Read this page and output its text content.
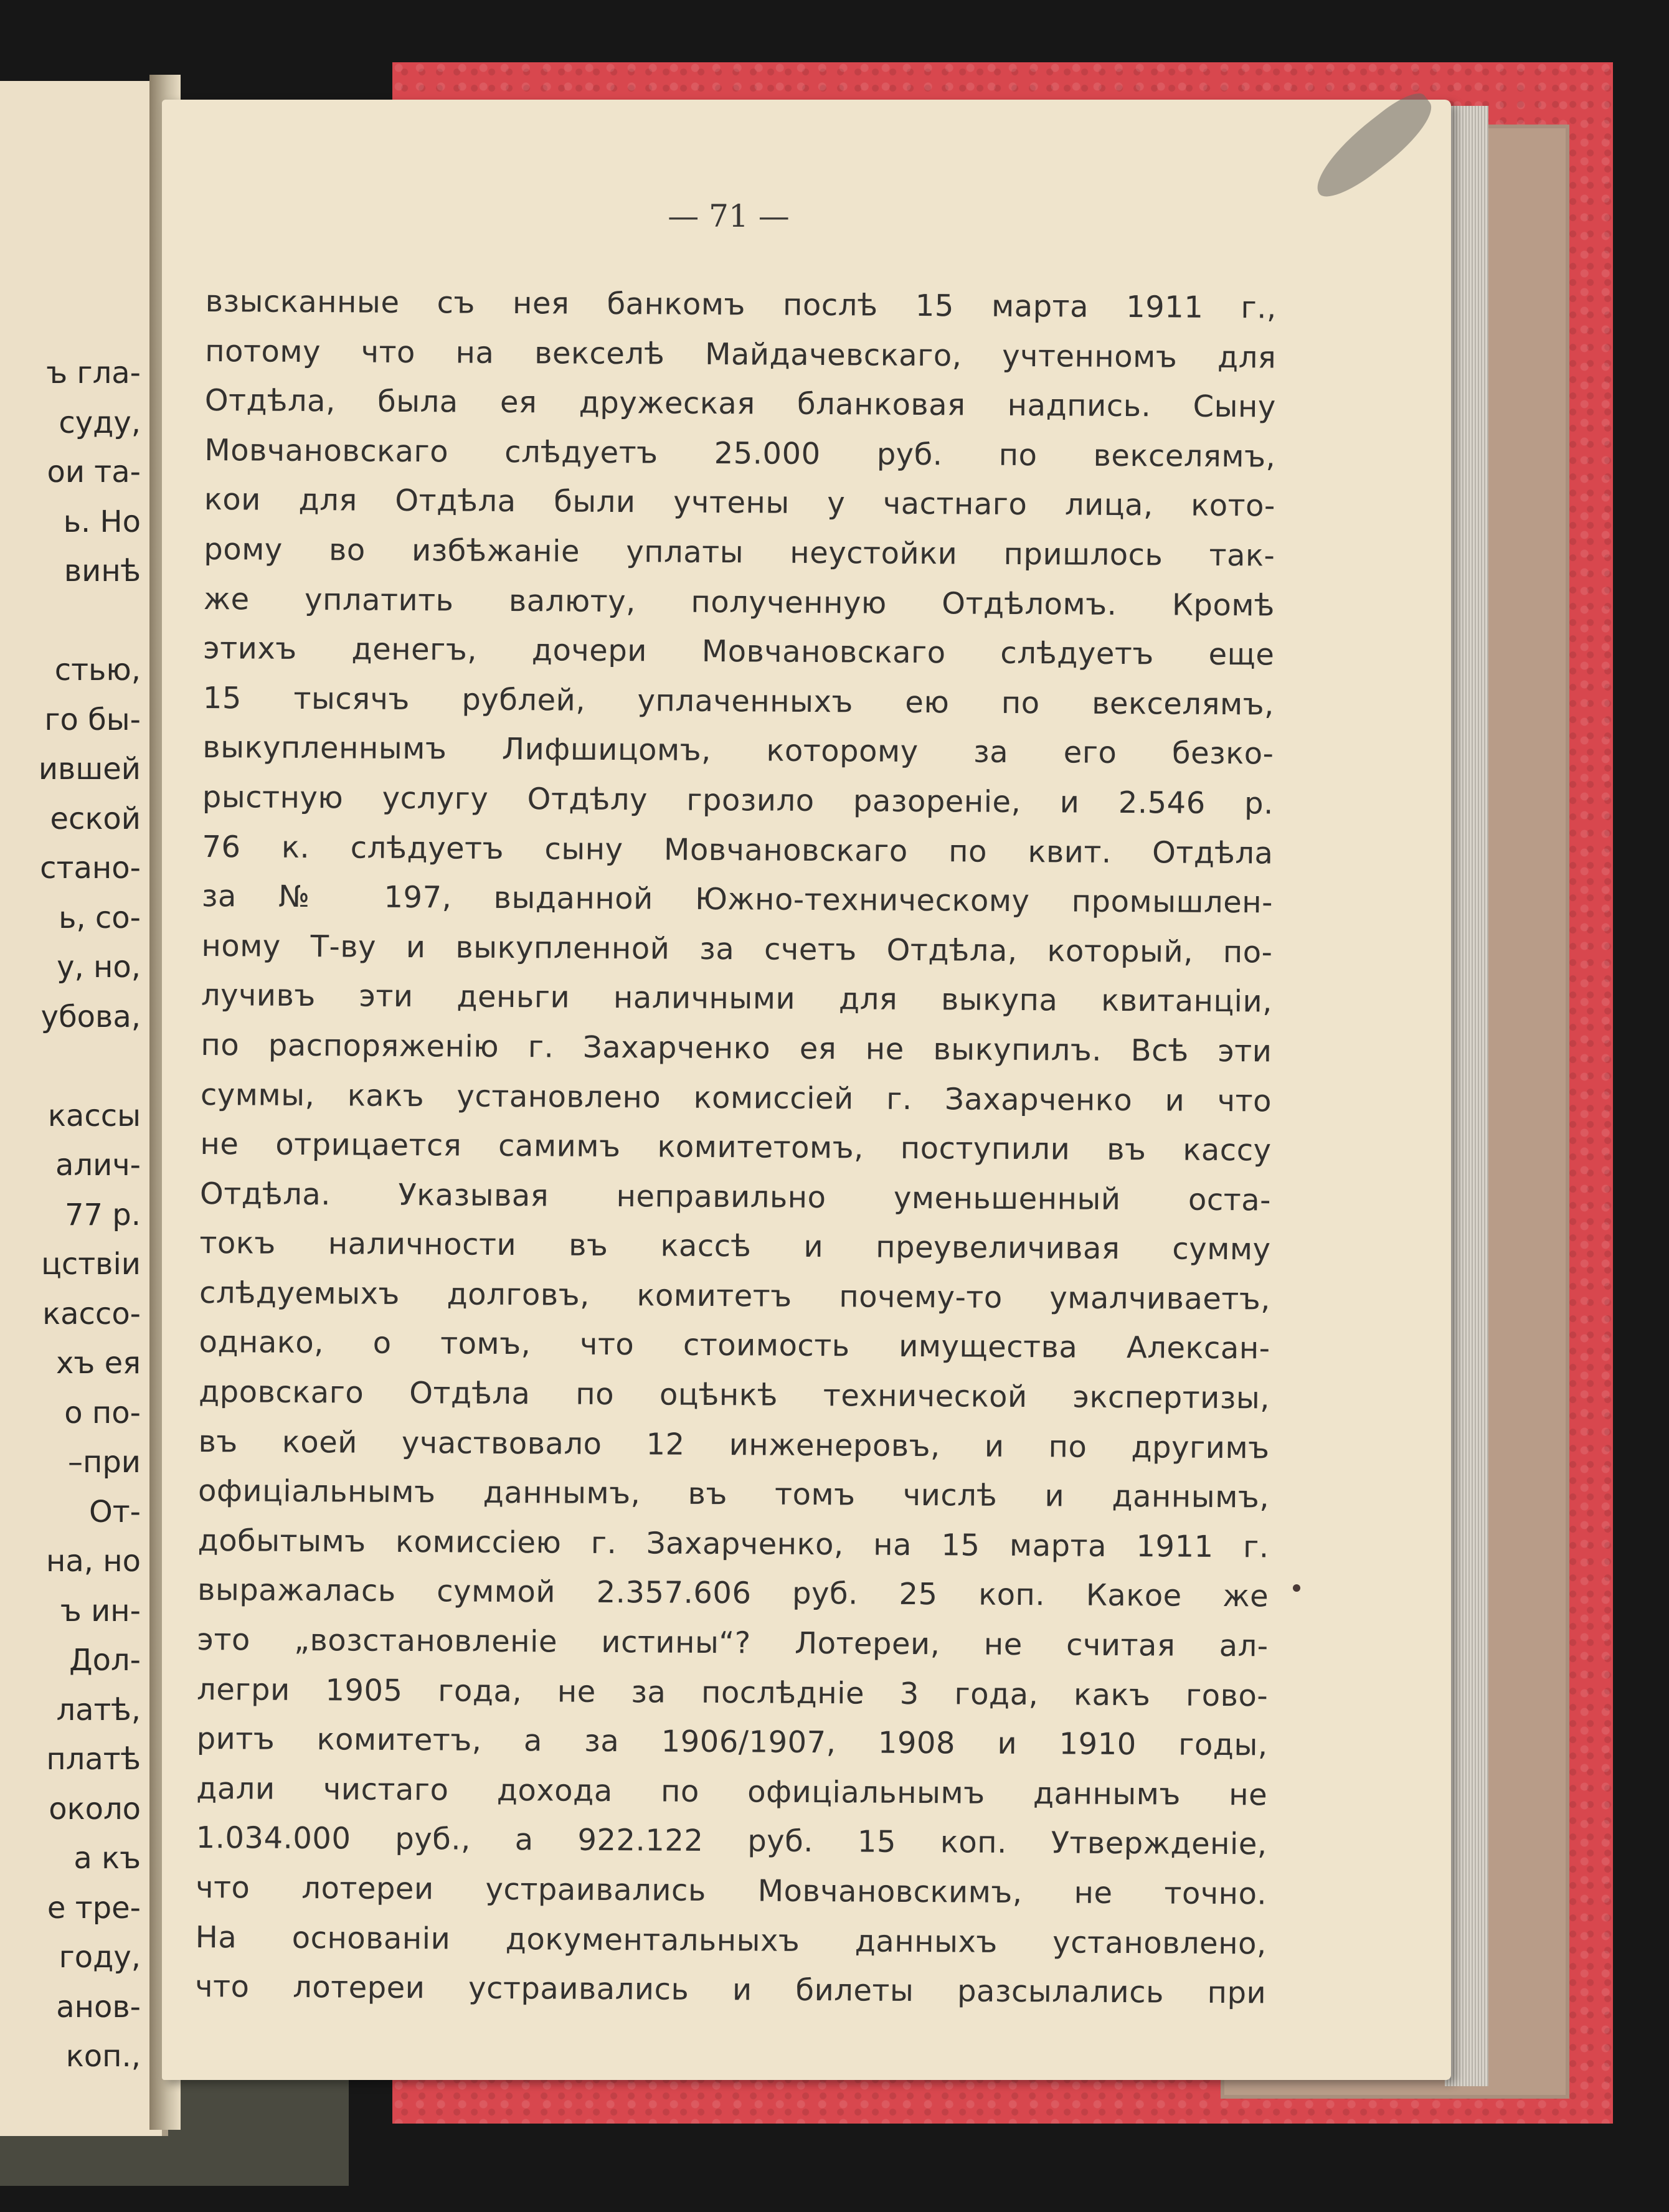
ъ гла-
суду,
ои та-
ь. Но
винѣ
стью,
го бы-
ившей
еской
стано-
ь, со-
у, но,
убова,
кассы
алич-
77 р.
цствіи
кассо-
хъ ея
о по-
–при
От-
на, но
ъ ин-
Дол-
латѣ,
платѣ
около
а къ
е тре-
году,
анов-
коп.,
— 71 —
взысканные съ нея банкомъ послѣ 15 марта 1911 г.,
потому что на векселѣ Майдачевскаго, учтенномъ для
Отдѣла, была ея дружеская бланковая надпись. Сыну
Мовчановскаго слѣдуетъ 25.000 руб. по векселямъ,
кои для Отдѣла были учтены у частнаго лица, кото-
рому во избѣжаніе уплаты неустойки пришлось так-
же уплатить валюту, полученную Отдѣломъ. Кромѣ
этихъ денегъ, дочери Мовчановскаго слѣдуетъ еще
15 тысячъ рублей, уплаченныхъ ею по векселямъ,
выкупленнымъ Лифшицомъ, которому за его безко-
рыстную услугу Отдѣлу грозило разореніе, и 2.546 р.
76 к. слѣдуетъ сыну Мовчановскаго по квит. Отдѣла
за № 197, выданной Южно-техническому промышлен-
ному Т-ву и выкупленной за счетъ Отдѣла, который, по-
лучивъ эти деньги наличными для выкупа квитанціи,
по распоряженію г. Захарченко ея не выкупилъ. Всѣ эти
суммы, какъ установлено комиссіей г. Захарченко и что
не отрицается самимъ комитетомъ, поступили въ кассу
Отдѣла. Указывая неправильно уменьшенный оста-
токъ наличности въ кассѣ и преувеличивая сумму
слѣдуемыхъ долговъ, комитетъ почему-то умалчиваетъ,
однако, о томъ, что стоимость имущества Алексан-
дровскаго Отдѣла по оцѣнкѣ технической экспертизы,
въ коей участвовало 12 инженеровъ, и по другимъ
офиціальнымъ даннымъ, въ томъ числѣ и даннымъ,
добытымъ комиссіею г. Захарченко, на 15 марта 1911 г.
выражалась суммой 2.357.606 руб. 25 коп. Какое же
это „возстановленіе истины“? Лотереи, не считая ал-
легри 1905 года, не за послѣдніе 3 года, какъ гово-
ритъ комитетъ, а за 1906/1907, 1908 и 1910 годы,
дали чистаго дохода по офиціальнымъ даннымъ не
1.034.000 руб., а 922.122 руб. 15 коп. Утвержденіе,
что лотереи устраивались Мовчановскимъ, не точно.
На основаніи документальныхъ данныхъ установлено,
что лотереи устраивались и билеты разсылались при
